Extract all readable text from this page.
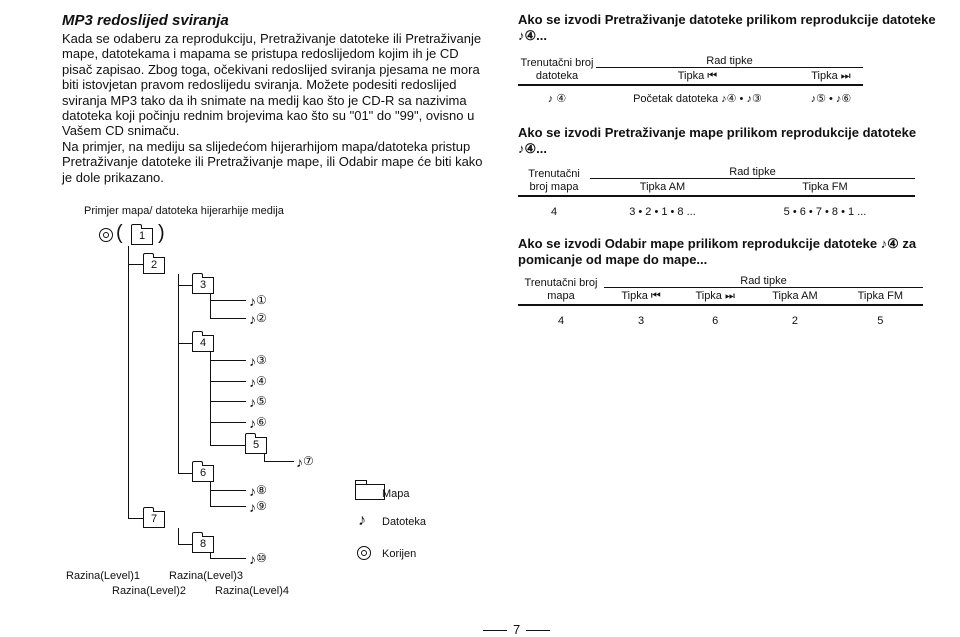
MP3 redoslijed sviranja

Kada se odaberu za reprodukciju, Pretraživanje datoteke ili Pretraživanje mape, datotekama i mapama se pristupa redoslijedom kojim ih je CD pisač zapisao. Zbog toga, očekivani redoslijed sviranja pjesama ne mora biti istovjetan pravom redoslijedu sviranja. Možete podesiti redoslijed sviranja MP3 tako da ih snimate na medij kao što je CD-R sa nazivima datoteka koji počinju rednim brojevima kao što su "01" do "99", ovisno u Vašem CD snimaču.

Na primjer, na mediju sa slijedećom hijerarhijom mapa/datoteka pristup Pretraživanje datoteke ili Pretraživanje mape, ili Odabir mape će biti kako je dole prikazano.

Primjer mapa/ datoteka hijerarhije medija
( )
1
2
3
4
5
6
7
8
♪①
♪②
♪③
♪④
♪⑤
♪⑥
♪⑦
♪⑧
♪⑨
♪⑩
Mapa
♪ Datoteka
Korijen
Razina(Level)1
Razina(Level)2
Razina(Level)3
Razina(Level)4
Ako se izvodi Pretraživanje datoteke prilikom reprodukcije datoteke ♪④...
Trenutačni broj datoteka	Rad tipke	
	Tipka ⏮	Tipka ⏭
♪ ④	Početak datoteka ♪④ • ♪③	♪⑤ • ♪⑥
Ako se izvodi Pretraživanje mape prilikom reprodukcije datoteke ♪④...
Trenutačni broj mapa	Rad tipke	
	Tipka AM	Tipka FM
4	3 • 2 • 1 • 8 ...	5 • 6 • 7 • 8 • 1 ...
Ako se izvodi Odabir mape prilikom reprodukcije datoteke ♪④ za pomicanje od mape do mape...
Trenutačni broj mapa	Rad tipke			
	Tipka ⏮	Tipka ⏭	Tipka AM	Tipka FM
4	3	6	2	5
7
